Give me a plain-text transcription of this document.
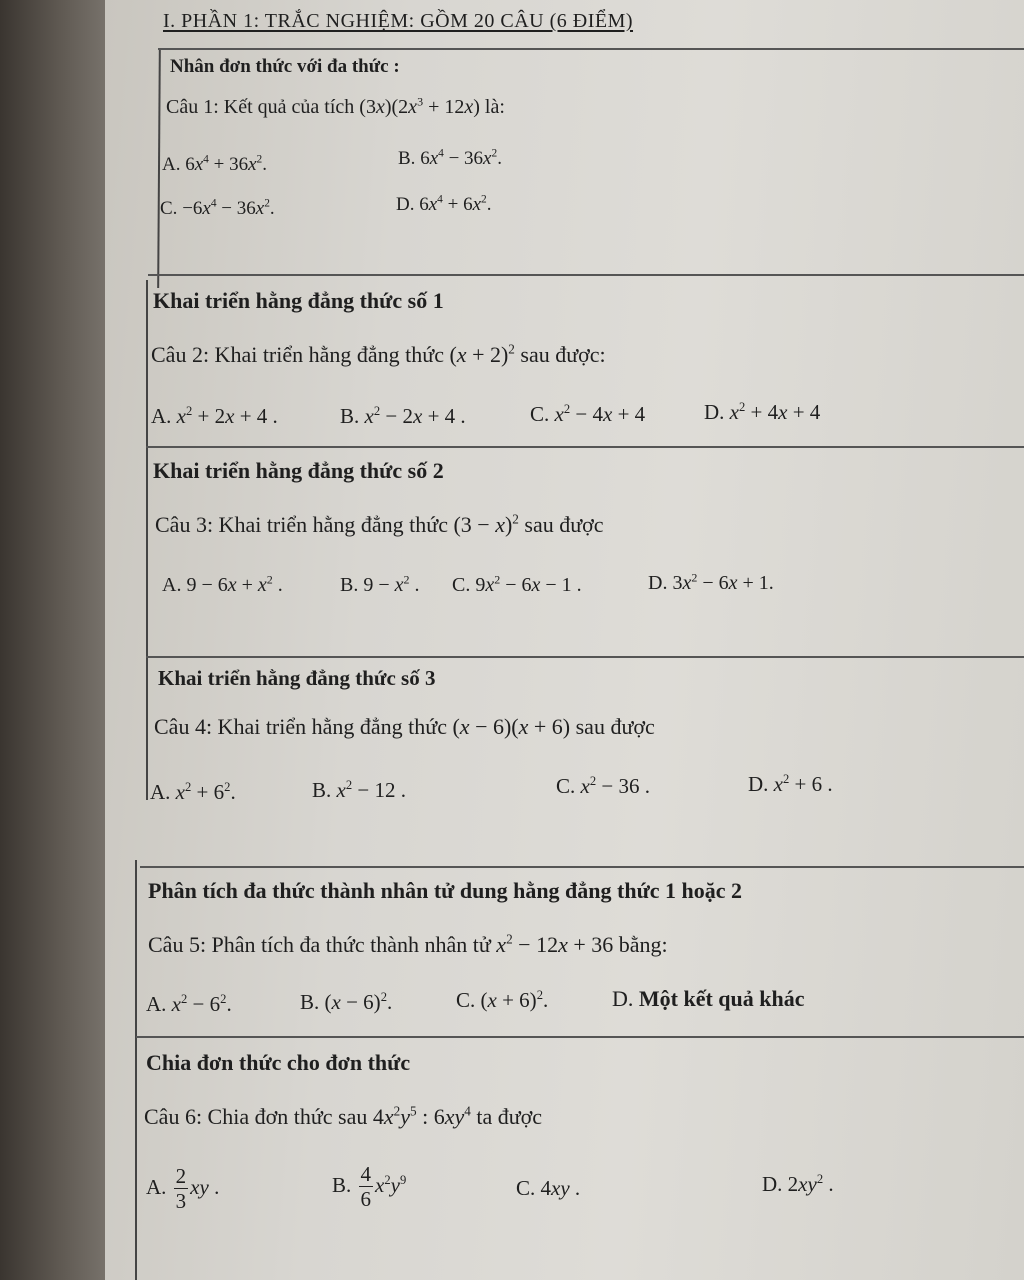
I. PHẦN 1: TRẮC NGHIỆM: GỒM 20 CÂU (6 ĐIỂM)
Nhân đơn thức với đa thức :
Câu 1: Kết quả của tích $(3x)(2x^3 + 12x)$ là:
A. $6x^4 + 36x^2$.	B. $6x^4 - 36x^2$.
C. $-6x^4 - 36x^2$.	D. $6x^4 + 6x^2$.
Khai triển hằng đẳng thức số 1
Câu 2: Khai triển hằng đẳng thức $(x + 2)^2$ sau được:
A. $x^2 + 2x + 4$ .	B. $x^2 - 2x + 4$ .	C. $x^2 - 4x + 4$	D. $x^2 + 4x + 4$
Khai triển hằng đẳng thức số 2
Câu 3: Khai triển hằng đẳng thức $(3 - x)^2$ sau được
A. $9 - 6x + x^2$ .	B. $9 - x^2$ . C. $9x^2 - 6x - 1$ .	D. $3x^2 - 6x + 1$.
Khai triển hằng đẳng thức số 3
Câu 4: Khai triển hằng đẳng thức (x − 6)(x + 6) sau được
A. $x^2 + 6^2$.	B. $x^2 - 12$ .	C. $x^2 - 36$ .	D. $x^2 + 6$ .
Phân tích đa thức thành nhân tử dung hằng đẳng thức 1 hoặc 2
Câu 5: Phân tích đa thức thành nhân tử $x^2 - 12x + 36$ bằng:
A. $x^2 - 6^2$.	B. $(x - 6)^2$.	C. $(x + 6)^2$.	D. Một kết quả khác
Chia đơn thức cho đơn thức
Câu 6: Chia đơn thức sau $4x^2y^5$ : $6xy^4$ ta được
A. $\frac{2}{3}$ xy .	B. $\frac{4}{6} x^2y^9$	C. 4xy .	D. $2xy^2$ .
